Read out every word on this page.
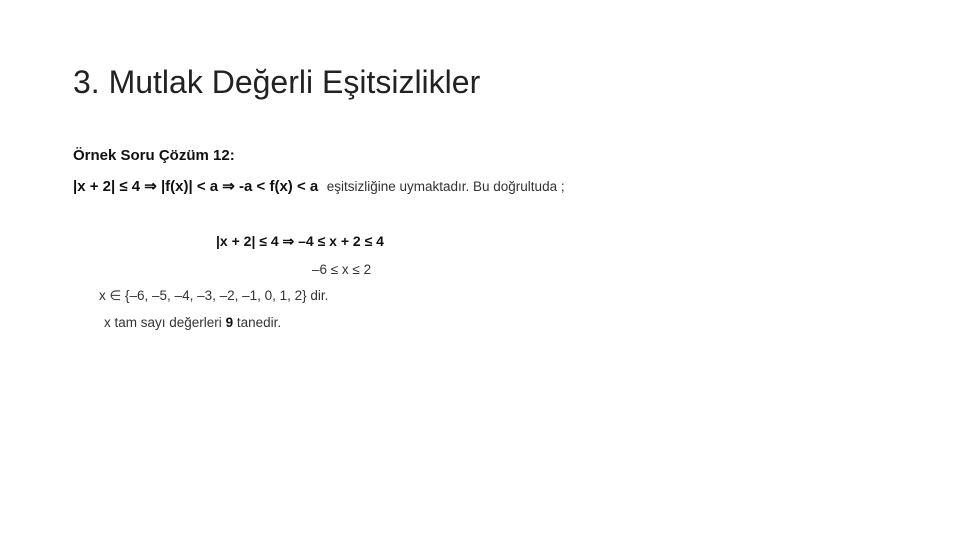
3. Mutlak Değerli Eşitsizlikler
Örnek Soru Çözüm 12:
|x + 2| ≤ 4 ⇒ |f(x)| < a ⇒ -a < f(x) < a eşitsizliğine uymaktadır. Bu doğrultuda ;
|x + 2| ≤ 4 ⇒ –4 ≤ x + 2 ≤ 4
–6 ≤ x ≤ 2
x ∈ {–6, –5, –4, –3, –2, –1, 0, 1, 2} dir.
x tam sayı değerleri 9 tanedir.
